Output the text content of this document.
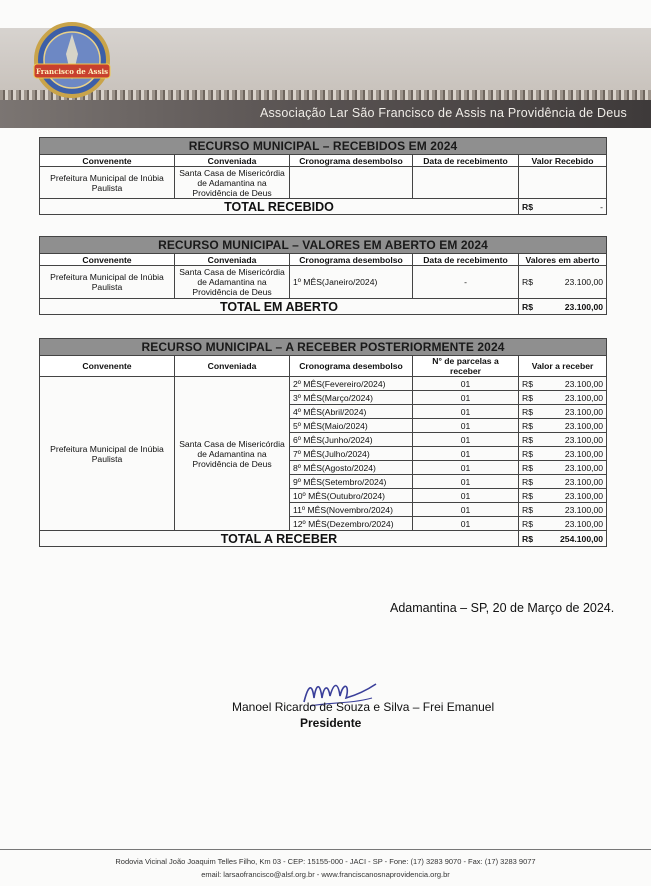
Francisco de Assis
Associação Lar São Francisco de Assis na Providência de Deus
RECURSO MUNICIPAL – RECEBIDOS EM 2024				
Convenente	Conveniada	Cronograma desembolso	Data de recebimento	Valor Recebido
Prefeitura Municipal de Inúbia Paulista	Santa Casa de Misericórdia de Adamantina na Providência de Deus			
TOTAL RECEBIDO				R$ -
RECURSO MUNICIPAL – VALORES EM ABERTO EM 2024				
Convenente	Conveniada	Cronograma desembolso	Data de recebimento	Valores em aberto
Prefeitura Municipal de Inúbia Paulista	Santa Casa de Misericórdia de Adamantina na Providência de Deus	1º MÊS(Janeiro/2024)	-	R$ 23.100,00

TOTAL EM ABERTO				R$ 23.100,00
RECURSO MUNICIPAL – A RECEBER POSTERIORMENTE 2024				
Convenente	Conveniada	Cronograma desembolso	N° de parcelas a receber	Valor a receber
Prefeitura Municipal de Inúbia Paulista	Santa Casa de Misericórdia de Adamantina na Providência de Deus	2º MÊS(Fevereiro/2024)	01	R$ 23.100,00

		3º MÊS(Março/2024)	01	R$ 23.100,00

		4º MÊS(Abril/2024)	01	R$ 23.100,00

		5º MÊS(Maio/2024)	01	R$ 23.100,00

		6º MÊS(Junho/2024)	01	R$ 23.100,00

		7º MÊS(Julho/2024)	01	R$ 23.100,00

		8º MÊS(Agosto/2024)	01	R$ 23.100,00

		9º MÊS(Setembro/2024)	01	R$ 23.100,00

		10º MÊS(Outubro/2024)	01	R$ 23.100,00

		11º MÊS(Novembro/2024)	01	R$ 23.100,00

		12º MÊS(Dezembro/2024)	01	R$ 23.100,00

TOTAL A RECEBER				R$ 254.100,00
Adamantina – SP, 20 de Março de 2024.
Manoel Ricardo de Souza e Silva – Frei Emanuel
Presidente
Rodovia Vicinal João Joaquim Telles Filho, Km 03 - CEP: 15155-000 - JACI - SP - Fone: (17) 3283 9070 - Fax: (17) 3283 9077
email: larsaofrancisco@alsf.org.br - www.franciscanosnaprovidencia.org.br
